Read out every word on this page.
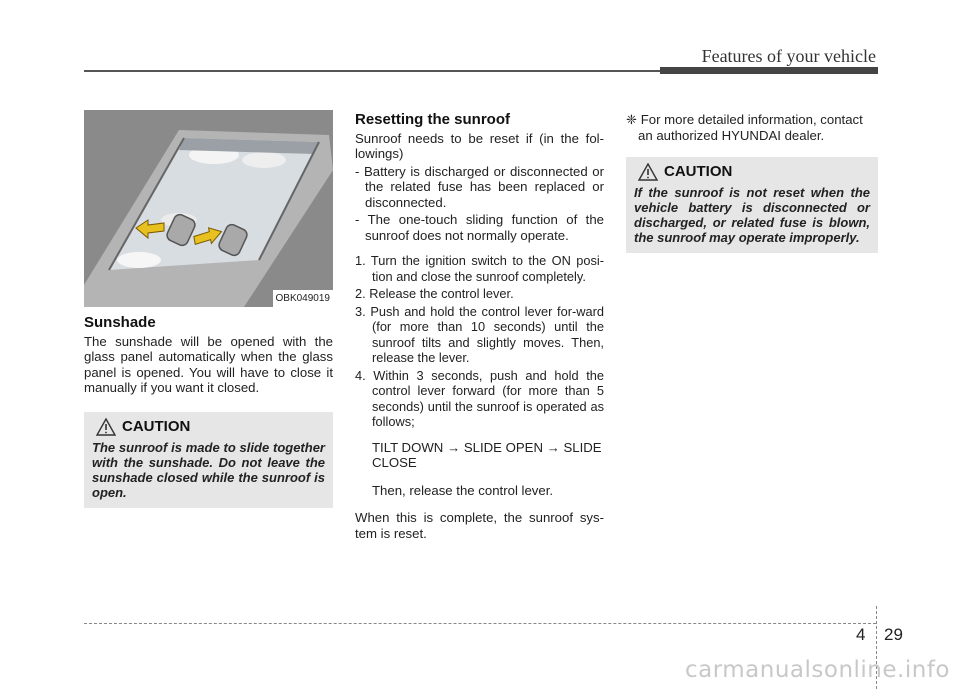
Features of your vehicle
OBK049019
Sunshade

The sunshade will be opened with the glass panel automatically when the glass panel is opened. You will have to close it manually if you want it closed.

CAUTION

The sunroof is made to slide together with the sunshade. Do not leave the sunshade closed while the sunroof is open.

Resetting the sunroof

Sunroof needs to be reset if (in the fol-lowings)

- Battery is discharged or disconnected or the related fuse has been replaced or disconnected.

- The one-touch sliding function of the sunroof does not normally operate.

1. Turn the ignition switch to the ON posi-tion and close the sunroof completely.

2. Release the control lever.

3. Push and hold the control lever for-ward (for more than 10 seconds) until the sunroof tilts and slightly moves. Then, release the lever.

4. Within 3 seconds, push and hold the control lever forward (for more than 5 seconds) until the sunroof is operated as follows;

TILT DOWN → SLIDE OPEN → SLIDE CLOSE

Then, release the control lever.

When this is complete, the sunroof sys-tem is reset.

❈ For more detailed information, contact an authorized HYUNDAI dealer.

CAUTION

If the sunroof is not reset when the vehicle battery is disconnected or discharged, or related fuse is blown, the sunroof may operate improperly.

4 29
carmanualsonline.info
